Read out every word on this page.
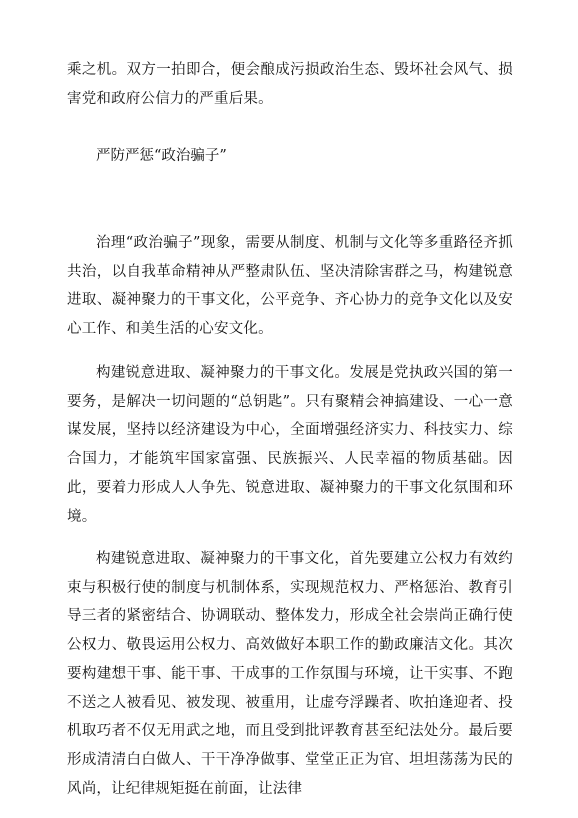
乘之机。双方一拍即合，便会酿成污损政治生态、毁坏社会风气、损害党和政府公信力的严重后果。

严防严惩“政治骗子”

治理“政治骗子”现象，需要从制度、机制与文化等多重路径齐抓共治，以自我革命精神从严整肃队伍、坚决清除害群之马，构建锐意进取、凝神聚力的干事文化，公平竞争、齐心协力的竞争文化以及安心工作、和美生活的心安文化。

构建锐意进取、凝神聚力的干事文化。发展是党执政兴国的第一要务，是解决一切问题的“总钥匙”。只有聚精会神搞建设、一心一意谋发展，坚持以经济建设为中心，全面增强经济实力、科技实力、综合国力，才能筑牢国家富强、民族振兴、人民幸福的物质基础。因此，要着力形成人人争先、锐意进取、凝神聚力的干事文化氛围和环境。

构建锐意进取、凝神聚力的干事文化，首先要建立公权力有效约束与积极行使的制度与机制体系，实现规范权力、严格惩治、教育引导三者的紧密结合、协调联动、整体发力，形成全社会崇尚正确行使公权力、敬畏运用公权力、高效做好本职工作的勤政廉洁文化。其次要构建想干事、能干事、干成事的工作氛围与环境，让干实事、不跑不送之人被看见、被发现、被重用，让虚夸浮躁者、吹拍逢迎者、投机取巧者不仅无用武之地，而且受到批评教育甚至纪法处分。最后要形成清清白白做人、干干净净做事、堂堂正正为官、坦坦荡荡为民的风尚，让纪律规矩挺在前面，让法律
